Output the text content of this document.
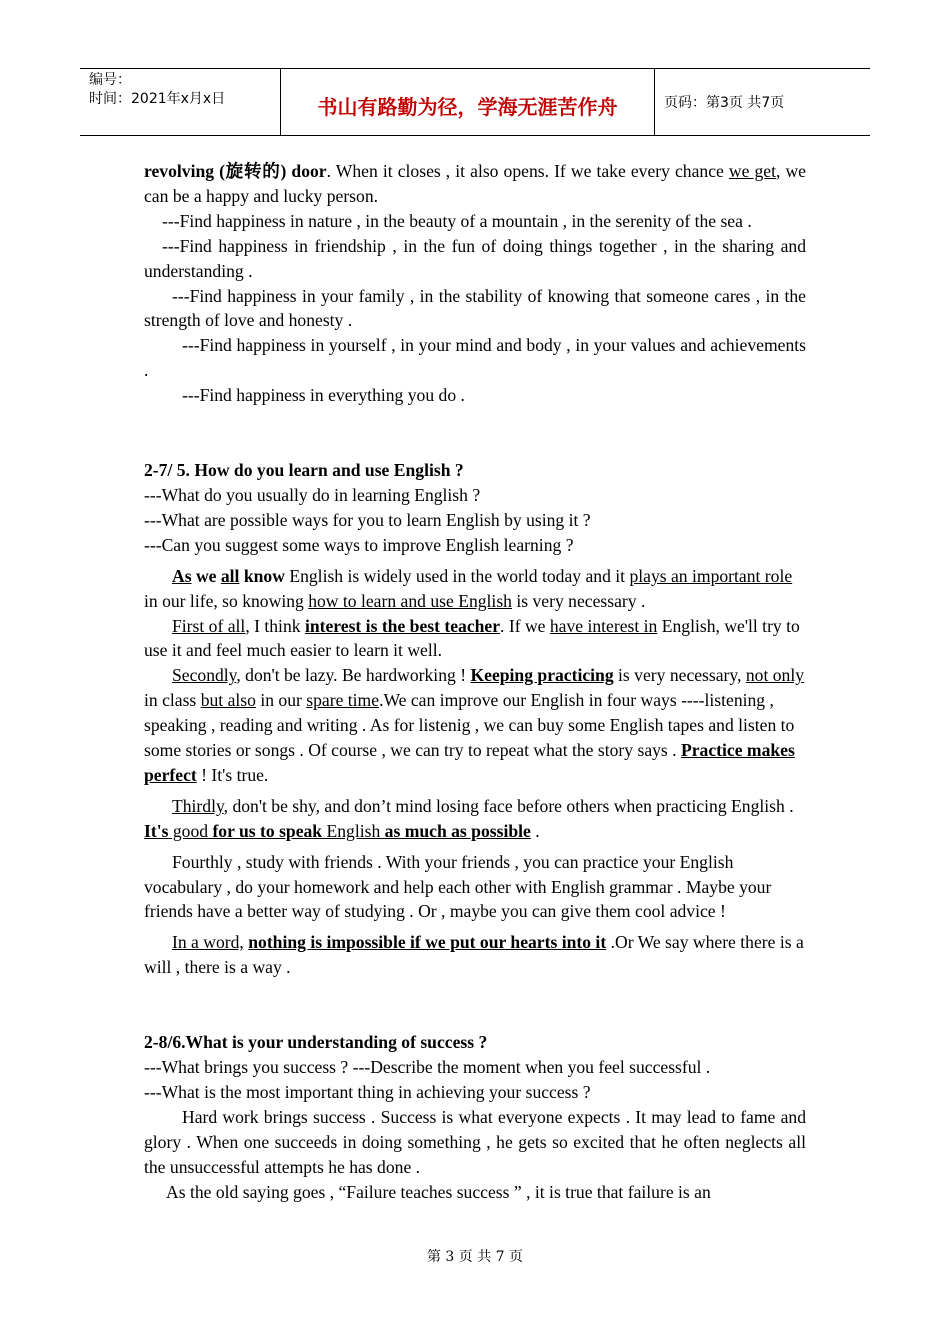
编号：
时间：2021年x月x日	书山有路勤为径，学海无涯苦作舟	页码：第3页 共7页

revolving (旋转的) door. When it closes , it also opens. If we take every chance we get, we can be a happy and lucky person.

---Find happiness in nature , in the beauty of a mountain , in the serenity of the sea .

---Find happiness in friendship , in the fun of doing things together , in the sharing and understanding .

---Find happiness in your family , in the stability of knowing that someone cares , in the strength of love and honesty .

---Find happiness in yourself , in your mind and body , in your values and achievements .

---Find happiness in everything you do .

2-7/ 5. How do you learn and use English ?

---What do you usually do in learning English ?

---What are possible ways for you to learn English by using it ?

---Can you suggest some ways to improve English learning ?

As we all know English is widely used in the world today and it plays an important role in our life, so knowing how to learn and use English is very necessary .

First of all, I think interest is the best teacher. If we have interest in English, we'll try to use it and feel much easier to learn it well.

Secondly, don't be lazy. Be hardworking ! Keeping practicing is very necessary, not only in class but also in our spare time.We can improve our English in four ways ----listening , speaking , reading and writing . As for listenig , we can buy some English tapes and listen to some stories or songs . Of course , we can try to repeat what the story says . Practice makes perfect ! It's true.

Thirdly, don't be shy, and don’t mind losing face before others when practicing English . It's good for us to speak English as much as possible .

Fourthly , study with friends . With your friends , you can practice your English vocabulary , do your homework and help each other with English grammar . Maybe your friends have a better way of studying . Or , maybe you can give them cool advice !

In a word, nothing is impossible if we put our hearts into it .Or We say where there is a will , there is a way .

2-8/6.What is your understanding of success ?

---What brings you success ? ---Describe the moment when you feel successful .

---What is the most important thing in achieving your success ?

Hard work brings success . Success is what everyone expects . It may lead to fame and glory . When one succeeds in doing something , he gets so excited that he often neglects all the unsuccessful attempts he has done .

As the old saying goes , “Failure teaches success ” , it is true that failure is an

第 3 页 共 7 页
